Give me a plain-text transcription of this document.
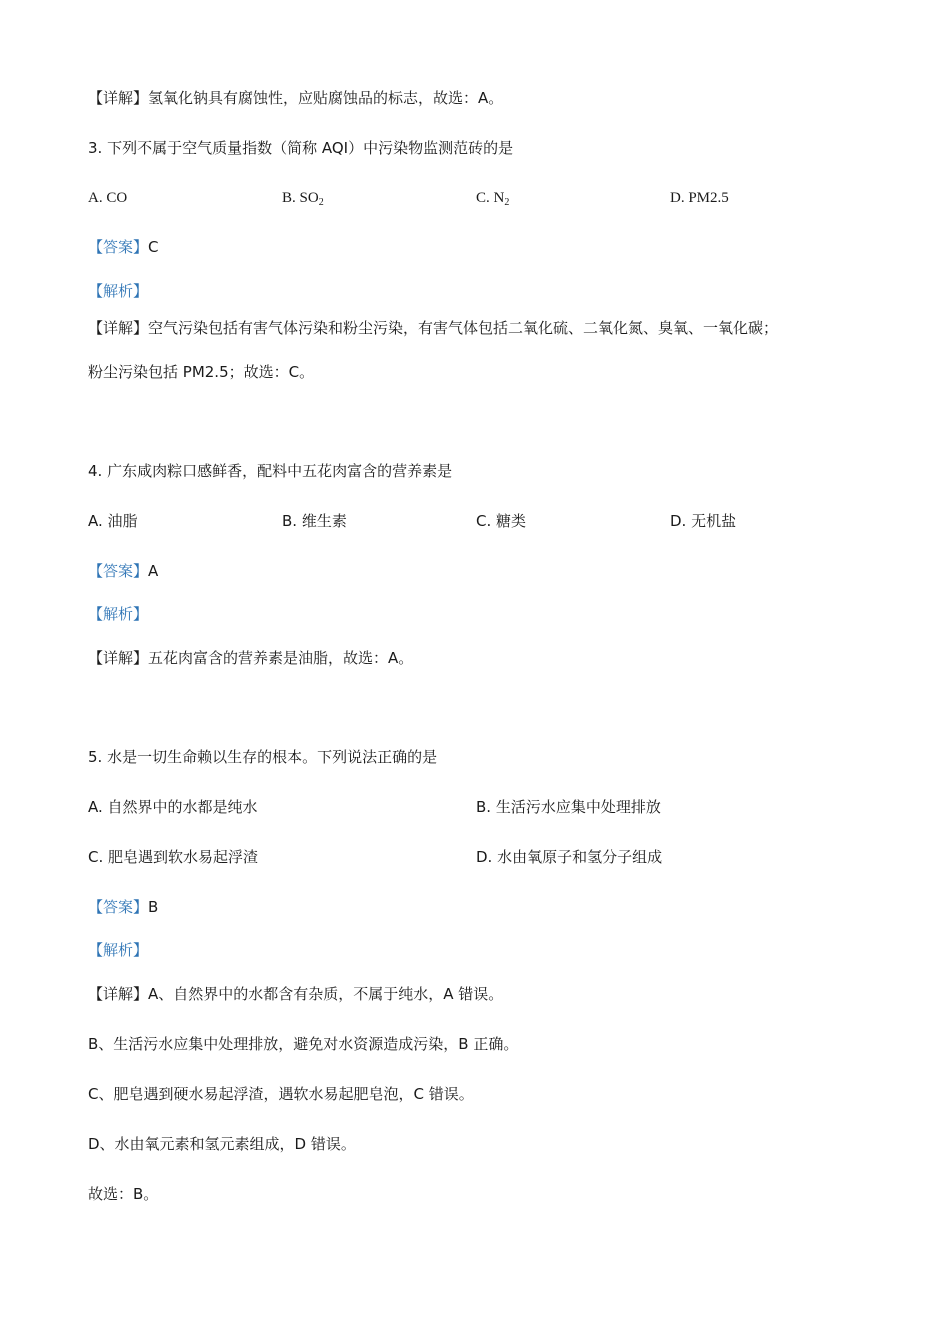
【详解】氢氧化钠具有腐蚀性，应贴腐蚀品的标志，故选：A。
3. 下列不属于空气质量指数（简称 AQI）中污染物监测范砖的是
A. CO	B. $SO_2$	C. $N_2$	D. PM2.5
【答案】C
【解析】
【详解】空气污染包括有害气体污染和粉尘污染，有害气体包括二氧化硫、二氧化氮、臭氧、一氧化碳；
粉尘污染包括 PM2.5；故选：C。
4. 广东咸肉粽口感鲜香，配料中五花肉富含的营养素是
A. 油脂	B. 维生素	C. 糖类	D. 无机盐
【答案】A
【解析】
【详解】五花肉富含的营养素是油脂，故选：A。
5. 水是一切生命赖以生存的根本。下列说法正确的是
A. 自然界中的水都是纯水	B. 生活污水应集中处理排放
C. 肥皂遇到软水易起浮渣	D. 水由氧原子和氢分子组成
【答案】B
【解析】
【详解】A、自然界中的水都含有杂质，不属于纯水，A 错误。
B、生活污水应集中处理排放，避免对水资源造成污染，B 正确。
C、肥皂遇到硬水易起浮渣，遇软水易起肥皂泡，C 错误。
D、水由氧元素和氢元素组成，D 错误。
故选：B。
